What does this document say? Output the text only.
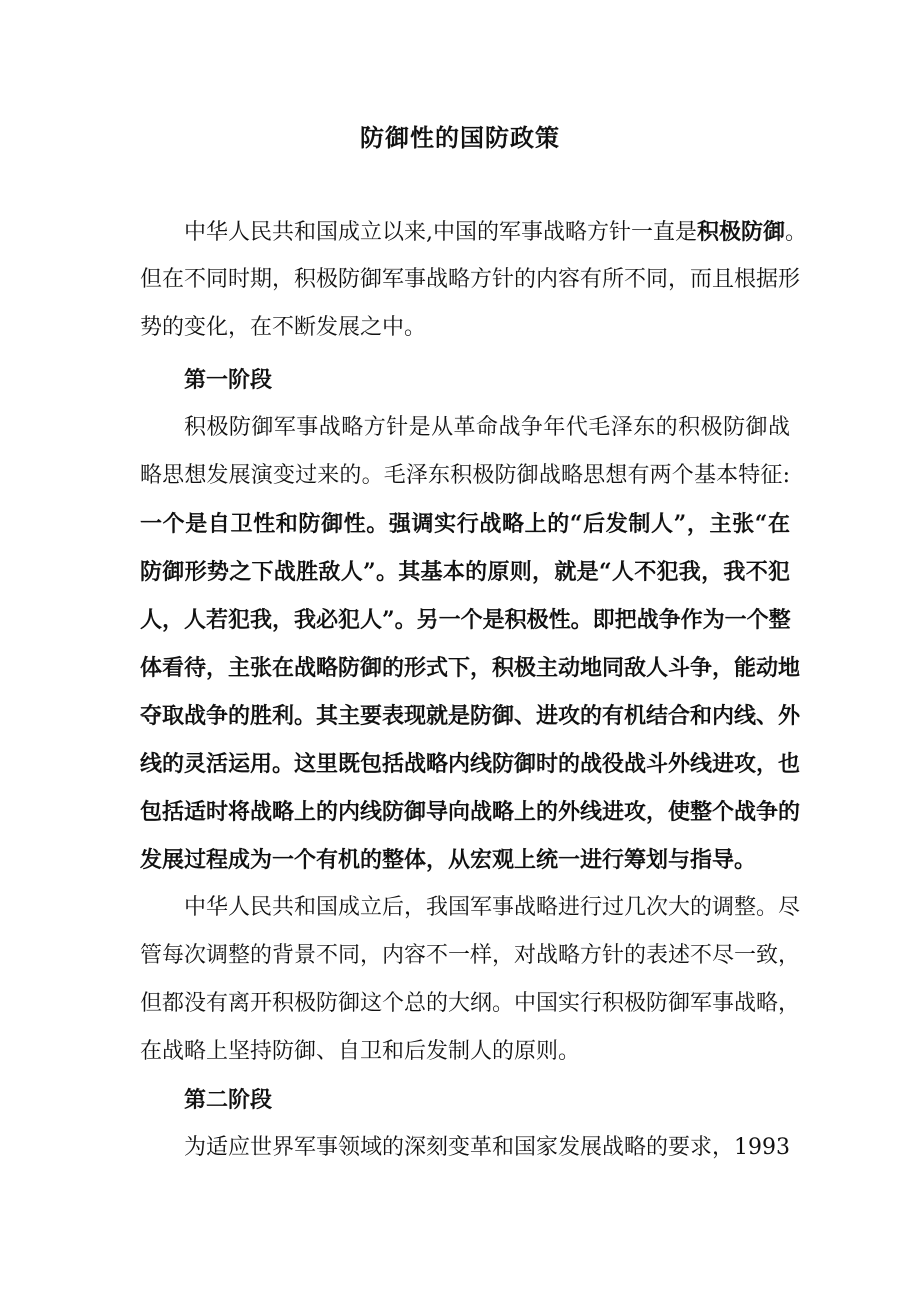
防御性的国防政策
中华人民共和国成立以来,中国的军事战略方针一直是积极防御。
但在不同时期，积极防御军事战略方针的内容有所不同，而且根据形
势的变化，在不断发展之中。
第一阶段
积极防御军事战略方针是从革命战争年代毛泽东的积极防御战
略思想发展演变过来的。毛泽东积极防御战略思想有两个基本特征:
一个是自卫性和防御性。强调实行战略上的“后发制人”，主张“在
防御形势之下战胜敌人”。其基本的原则，就是“人不犯我，我不犯
人，人若犯我，我必犯人”。另一个是积极性。即把战争作为一个整
体看待，主张在战略防御的形式下，积极主动地同敌人斗争，能动地
夺取战争的胜利。其主要表现就是防御、进攻的有机结合和内线、外
线的灵活运用。这里既包括战略内线防御时的战役战斗外线进攻，也
包括适时将战略上的内线防御导向战略上的外线进攻，使整个战争的
发展过程成为一个有机的整体，从宏观上统一进行筹划与指导。
中华人民共和国成立后，我国军事战略进行过几次大的调整。尽
管每次调整的背景不同，内容不一样，对战略方针的表述不尽一致，
但都没有离开积极防御这个总的大纲。中国实行积极防御军事战略，
在战略上坚持防御、自卫和后发制人的原则。
第二阶段
为适应世界军事领域的深刻变革和国家发展战略的要求，1993
